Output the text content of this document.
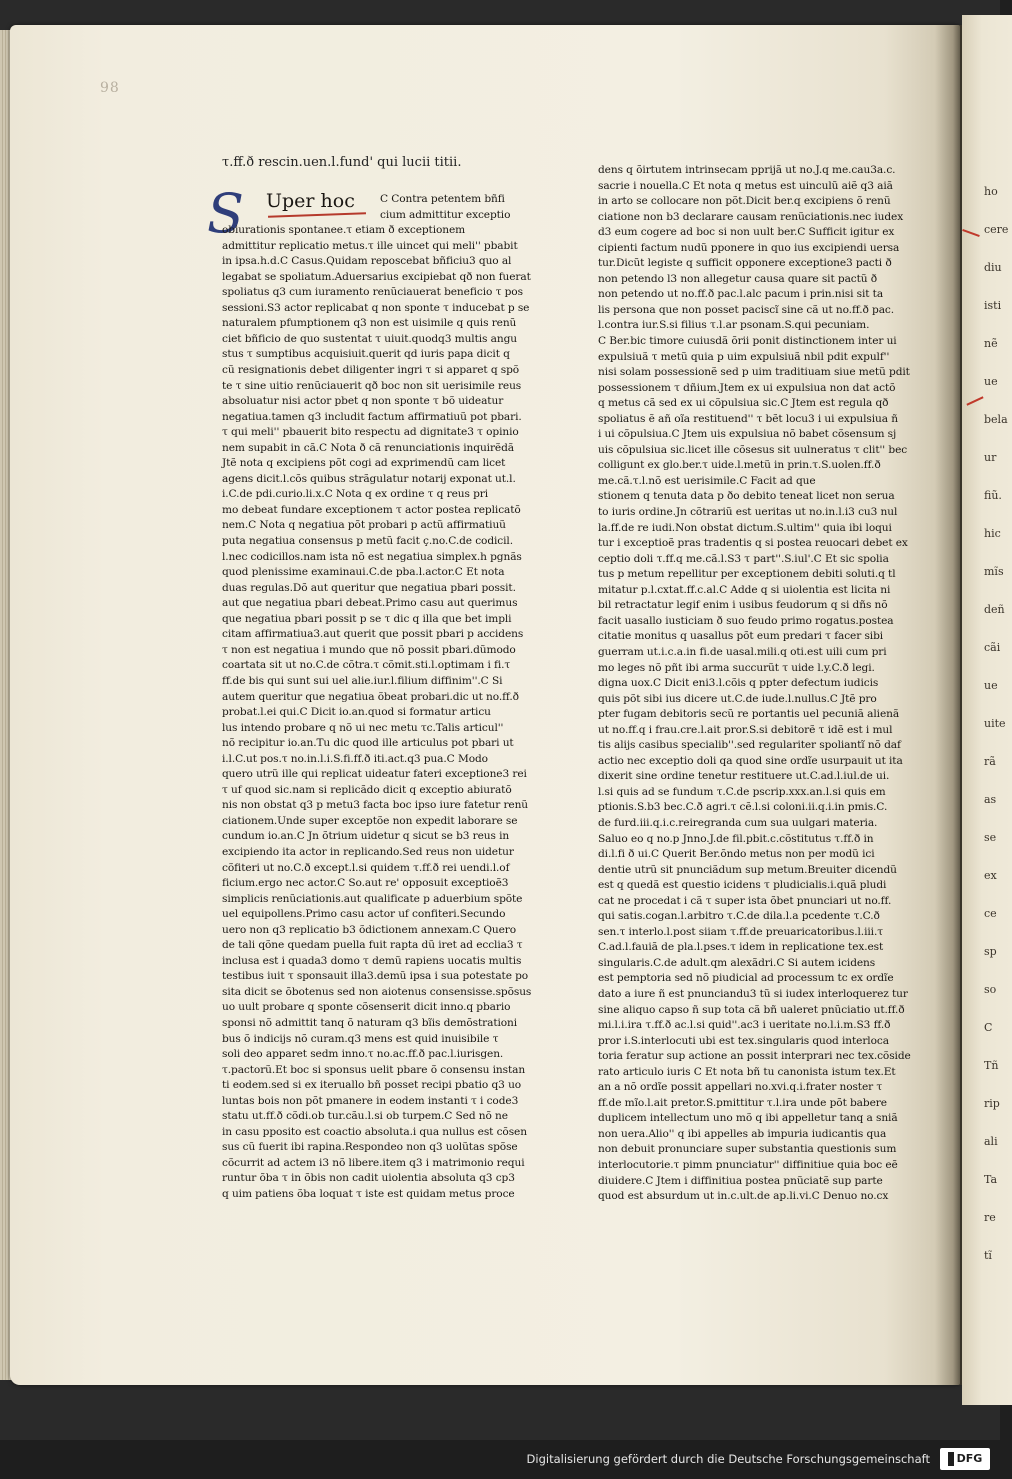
ho
cere
diu
isti
nẽ
ue
bela
ur
fiũ.
hic
mĩs
deñ
cãi
ue
uite
rã
as
se
ex
ce
sp
so
C
Tñ
rip
ali
Ta
re
tĩ
98
τ.ff.ð rescin.uen.l.fund' qui lucii titii.
S Uper hoc	C Contra petentem bñfi
cium admittitur exceptio
obiurationis spontanee.τ etiam ð exceptionem
admittitur replicatio metus.τ ille uincet qui meli'' pbabit
in ipsa.h.d.C Casus.Quidam reposcebat bñficiu3 quo al
legabat se spoliatum.Aduersarius excipiebat qð non fuerat
spoliatus q3 cum iuramento renũciauerat beneficio τ pos
sessioni.S3 actor replicabat q non sponte τ inducebat p se
naturalem pfumptionem q3 non est uisimile q quis renũ
ciet bñficio de quo sustentat τ uiuit.quodq3 multis angu
stus τ sumptibus acquisiuit.querit qd iuris papa dicit q
cũ resignationis debet diligenter ingri τ si apparet q spõ
te τ sine uitio renũciauerit qð boc non sit uerisimile reus
absoluatur nisi actor pbet q non sponte τ bõ uideatur
negatiua.tamen q3 includit factum affirmatiuũ pot pbari.
τ qui meli'' pbauerit bito respectu ad dignitate3 τ opinio
nem supabit in cã.C Nota ð cã renunciationis inquirẽdã
Jtẽ nota q excipiens põt cogi ad exprimendũ cam licet
agens dicit.l.cõs quibus strãgulatur notarij exponat ut.l.
i.C.de pdi.curio.li.x.C Nota q ex ordine τ q reus pri
mo debeat fundare exceptionem τ actor postea replicatõ
nem.C Nota q negatiua põt probari p actũ affirmatiuũ
puta negatiua consensus p metũ facit ç.no.C.de codicil.
l.nec codicillos.nam ista nõ est negatiua simplex.h pgnãs
quod plenissime examinaui.C.de pba.l.actor.C Et nota
duas regulas.Dõ aut queritur que negatiua pbari possit.
aut que negatiua pbari debeat.Primo casu aut querimus
que negatiua pbari possit p se τ dic q illa que bet impli
citam affirmatiua3.aut querit que possit pbari p accidens
τ non est negatiua i mundo que nõ possit pbari.dũmodo
coartata sit ut no.C.de cõtra.τ cõmit.sti.l.optimam i fi.τ
ff.de bis qui sunt sui uel alie.iur.l.filium diffinim''.C Si
autem queritur que negatiua õbeat probari.dic ut no.ff.ð
probat.l.ei qui.C Dicit io.an.quod si formatur articu
lus intendo probare q nõ ui nec metu τc.Talis articul''
nõ recipitur io.an.Tu dic quod ille articulus pot pbari ut
i.l.C.ut pos.τ no.in.l.i.S.fi.ff.ð iti.act.q3 pua.C Modo
quero utrũ ille qui replicat uideatur fateri exceptione3 rei
τ uf quod sic.nam si replicãdo dicit q exceptio abiuratõ
nis non obstat q3 p metu3 facta boc ipso iure fatetur renũ
ciationem.Unde super exceptõe non expedit laborare se
cundum io.an.C Jn õtrium uidetur q sicut se b3 reus in
excipiendo ita actor in replicando.Sed reus non uidetur
cõfiteri ut no.C.ð except.l.si quidem τ.ff.ð rei uendi.l.of
ficium.ergo nec actor.C So.aut re' opposuit exceptioẽ3
simplicis renũciationis.aut qualificate p aduerbium spõte
uel equipollens.Primo casu actor uf confiteri.Secundo
uero non q3 replicatio b3 õdictionem annexam.C Quero
de tali qõne quedam puella fuit rapta dũ iret ad ecclia3 τ
inclusa est i quada3 domo τ demũ rapiens uocatis multis
testibus iuit τ sponsauit illa3.demũ ipsa i sua potestate po
sita dicit se õbotenus sed non aiotenus consensisse.spõsus
uo uult probare q sponte cõsenserit dicit inno.q pbario
sponsi nõ admittit tanq õ naturam q3 bĩis demõstrationi
bus õ indicijs nõ curam.q3 mens est quid inuisibile τ
soli deo apparet sedm inno.τ no.ac.ff.ð pac.l.iurisgen.
τ.pactorũ.Et boc si sponsus uelit pbare õ consensu instan
ti eodem.sed si ex iteruallo bñ posset recipi pbatio q3 uo
luntas bois non põt pmanere in eodem instanti τ i code3
statu ut.ff.ð cõdi.ob tur.cãu.l.si ob turpem.C Sed nõ ne
in casu pposito est coactio absoluta.i qua nullus est cõsen
sus cũ fuerit ibi rapina.Respondeo non q3 uolũtas spõse
cõcurrit ad actem i3 nõ libere.item q3 i matrimonio requi
runtur õba τ in õbis non cadit uiolentia absoluta q3 cp3
q uim patiens õba loquat τ iste est quidam metus proce
dens q õirtutem intrinsecam pprijã ut no.J.q me.cau3a.c.
sacrie i nouella.C Et nota q metus est uinculũ aiẽ q3 aiã
in arto se collocare non põt.Dicit ber.q excipiens õ renũ
ciatione non b3 declarare causam renũciationis.nec iudex
d3 eum cogere ad boc si non uult ber.C Sufficit igitur ex
cipienti factum nudũ pponere in quo ius excipiendi uersa
tur.Dicũt legiste q sufficit opponere exceptione3 pacti ð
non petendo l3 non allegetur causa quare sit pactũ ð
non petendo ut no.ff.ð pac.l.alc pacum i prin.nisi sit ta
lis persona que non posset paciscĩ sine cã ut no.ff.ð pac.
l.contra iur.S.si filius τ.l.ar psonam.S.qui pecuniam.
C Ber.bic timore cuiusdã õrii ponit distinctionem inter ui
expulsiuã τ metũ quia p uim expulsiuã nbil pdit expulf''
nisi solam possessionẽ sed p uim traditiuam siue metũ pdit
possessionem τ dñium.Jtem ex ui expulsiua non dat actõ
q metus cã sed ex ui cõpulsiua sic.C Jtem est regula qð
spoliatus ẽ añ oĩa restituend'' τ bẽt locu3 i ui expulsiua ñ
i ui cõpulsiua.C Jtem uis expulsiua nõ babet cõsensum sj
uis cõpulsiua sic.licet ille cõsesus sit uulneratus τ clit'' bec
colligunt ex glo.ber.τ uide.l.metũ in prin.τ.S.uolen.ff.ð
me.cã.τ.l.nõ est uerisimile.C Facit ad que
stionem q tenuta data p ðo debito teneat licet non serua
to iuris ordine.Jn cõtrariũ est ueritas ut no.in.l.i3 cu3 nul
la.ff.de re iudi.Non obstat dictum.S.ultim'' quia ibi loqui
tur i exceptioẽ pras tradentis q si postea reuocari debet ex
ceptio doli τ.ff.q me.cã.l.S3 τ part''.S.iul'.C Et sic spolia
tus p metum repellitur per exceptionem debiti soluti.q tl
mitatur p.l.cxtat.ff.c.al.C Adde q si uiolentia est licita ni
bil retractatur legif enim i usibus feudorum q si dñs nõ
facit uasallo iusticiam ð suo feudo primo rogatus.postea
citatie monitus q uasallus põt eum predari τ facer sibi
guerram ut.i.c.a.in fi.de uasal.mili.q oti.est uili cum pri
mo leges nõ pñt ibi arma succurũt τ uide l.y.C.ð legi.
digna uox.C Dicit eni3.l.cõis q ppter defectum iudicis
quis põt sibi ius dicere ut.C.de iude.l.nullus.C Jtẽ pro
pter fugam debitoris secũ re portantis uel pecuniã alienã
ut no.ff.q i frau.cre.l.ait pror.S.si debitorẽ τ idẽ est i mul
tis alijs casibus specialib''.sed regulariter spoliantĩ nõ daf
actio nec exceptio doli qa quod sine ordĩe usurpauit ut ita
dixerit sine ordine tenetur restituere ut.C.ad.l.iul.de ui.
l.si quis ad se fundum τ.C.de pscrip.xxx.an.l.si quis em
ptionis.S.b3 bec.C.ð agri.τ cẽ.l.si coloni.ii.q.i.in pmis.C.
de furd.iii.q.i.c.reiregranda cum sua uulgari materia.
Saluo eo q no.p Jnno.J.de fil.pbit.c.cõstitutus τ.ff.ð in
di.l.fi ð ui.C Querit Ber.õndo metus non per modũ ici
dentie utrũ sit pnunciãdum sup metum.Breuiter dicendũ
est q quedã est questio icidens τ pludicialis.i.quã pludi
cat ne procedat i cã τ super ista õbet pnunciari ut no.ff.
qui satis.cogan.l.arbitro τ.C.de dila.l.a pcedente τ.C.ð
sen.τ interlo.l.post siiam τ.ff.de preuaricatoribus.l.iii.τ
C.ad.l.fauiã de pla.l.pses.τ idem in replicatione tex.est
singularis.C.de adult.qm alexãdri.C Si autem icidens
est pemptoria sed nõ piudicial ad processum tc ex ordĩe
dato a iure ñ est pnunciandu3 tũ si iudex interloquerez tur
sine aliquo capso ñ sup tota cã bñ ualeret pnũciatio ut.ff.ð
mi.l.i.ira τ.ff.ð ac.l.si quid''.ac3 i ueritate no.l.i.m.S3 ff.ð
pror i.S.interlocuti ubi est tex.singularis quod interloca
toria feratur sup actione an possit interprari nec tex.cõside
rato articulo iuris C Et nota bñ tu canonista istum tex.Et
an a nõ ordĩe possit appellari no.xvi.q.i.frater noster τ
ff.de mĩo.l.ait pretor.S.pmittitur τ.l.ira unde põt babere
duplicem intellectum uno mõ q ibi appelletur tanq a sniã
non uera.Alio'' q ibi appelles ab impuria iudicantis qua
non debuit pronunciare super substantia questionis sum
interlocutorie.τ pimm pnunciatur'' diffinitiue quia boc eẽ
diuidere.C Jtem i diffinitiua postea pnũciatẽ sup parte
quod est absurdum ut in.c.ult.de ap.li.vi.C Denuo no.cx
Digitalisierung gefördert durch die Deutsche Forschungsgemeinschaft	DFG
